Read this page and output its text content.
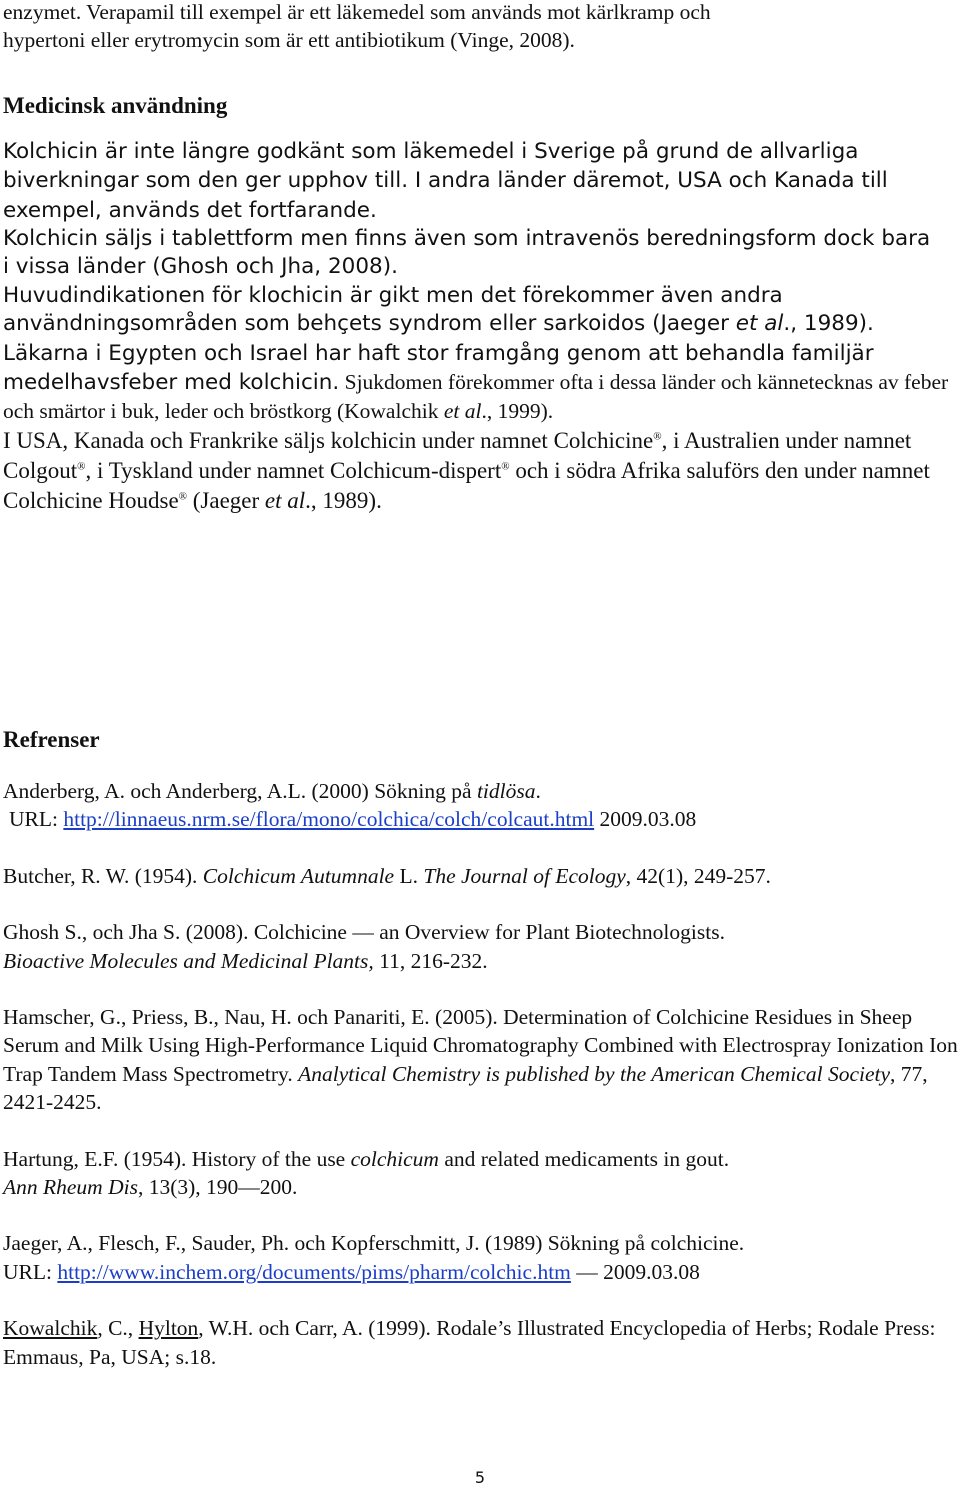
enzymet. Verapamil till exempel är ett läkemedel som används mot kärlkramp och
hypertoni eller erytromycin som är ett antibiotikum (Vinge, 2008).

Medicinsk användning

Kolchicin är inte längre godkänt som läkemedel i Sverige på grund de allvarliga biverkningar som den ger upphov till. I andra länder däremot, USA och Kanada till exempel, används det fortfarande.

Kolchicin säljs i tablettform men finns även som intravenös beredningsform dock bara i vissa länder (Ghosh och Jha, 2008).

Huvudindikationen för klochicin är gikt men det förekommer även andra användningsområden som behçets syndrom eller sarkoidos (Jaeger et al., 1989).

Läkarna i Egypten och Israel har haft stor framgång genom att behandla familjär medelhavsfeber med kolchicin. Sjukdomen förekommer ofta i dessa länder och kännetecknas av feber och smärtor i buk, leder och bröstkorg (Kowalchik et al., 1999).

I USA, Kanada och Frankrike säljs kolchicin under namnet Colchicine®, i Australien under namnet Colgout®, i Tyskland under namnet Colchicum-dispert® och i södra Afrika saluförs den under namnet Colchicine Houdse® (Jaeger et al., 1989).

Refrenser
Anderberg, A. och Anderberg, A.L. (2000) Sökning på tidlösa.
URL: http://linnaeus.nrm.se/flora/mono/colchica/colch/colcaut.html 2009.03.08
Butcher, R. W. (1954). Colchicum Autumnale L. The Journal of Ecology, 42(1), 249-257.
Ghosh S., och Jha S. (2008). Colchicine — an Overview for Plant Biotechnologists.
Bioactive Molecules and Medicinal Plants, 11, 216-232.
Hamscher, G., Priess, B., Nau, H. och Panariti, E. (2005). Determination of Colchicine Residues in Sheep Serum and Milk Using High-Performance Liquid Chromatography Combined with Electrospray Ionization Ion Trap Tandem Mass Spectrometry. Analytical Chemistry is published by the American Chemical Society, 77, 2421-2425.
Hartung, E.F. (1954). History of the use colchicum and related medicaments in gout.
Ann Rheum Dis, 13(3), 190—200.
Jaeger, A., Flesch, F., Sauder, Ph. och Kopferschmitt, J. (1989) Sökning på colchicine.
URL: http://www.inchem.org/documents/pims/pharm/colchic.htm — 2009.03.08
Kowalchik, C., Hylton, W.H. och Carr, A. (1999). Rodale’s Illustrated Encyclopedia of Herbs; Rodale Press: Emmaus, Pa, USA; s.18.
5
